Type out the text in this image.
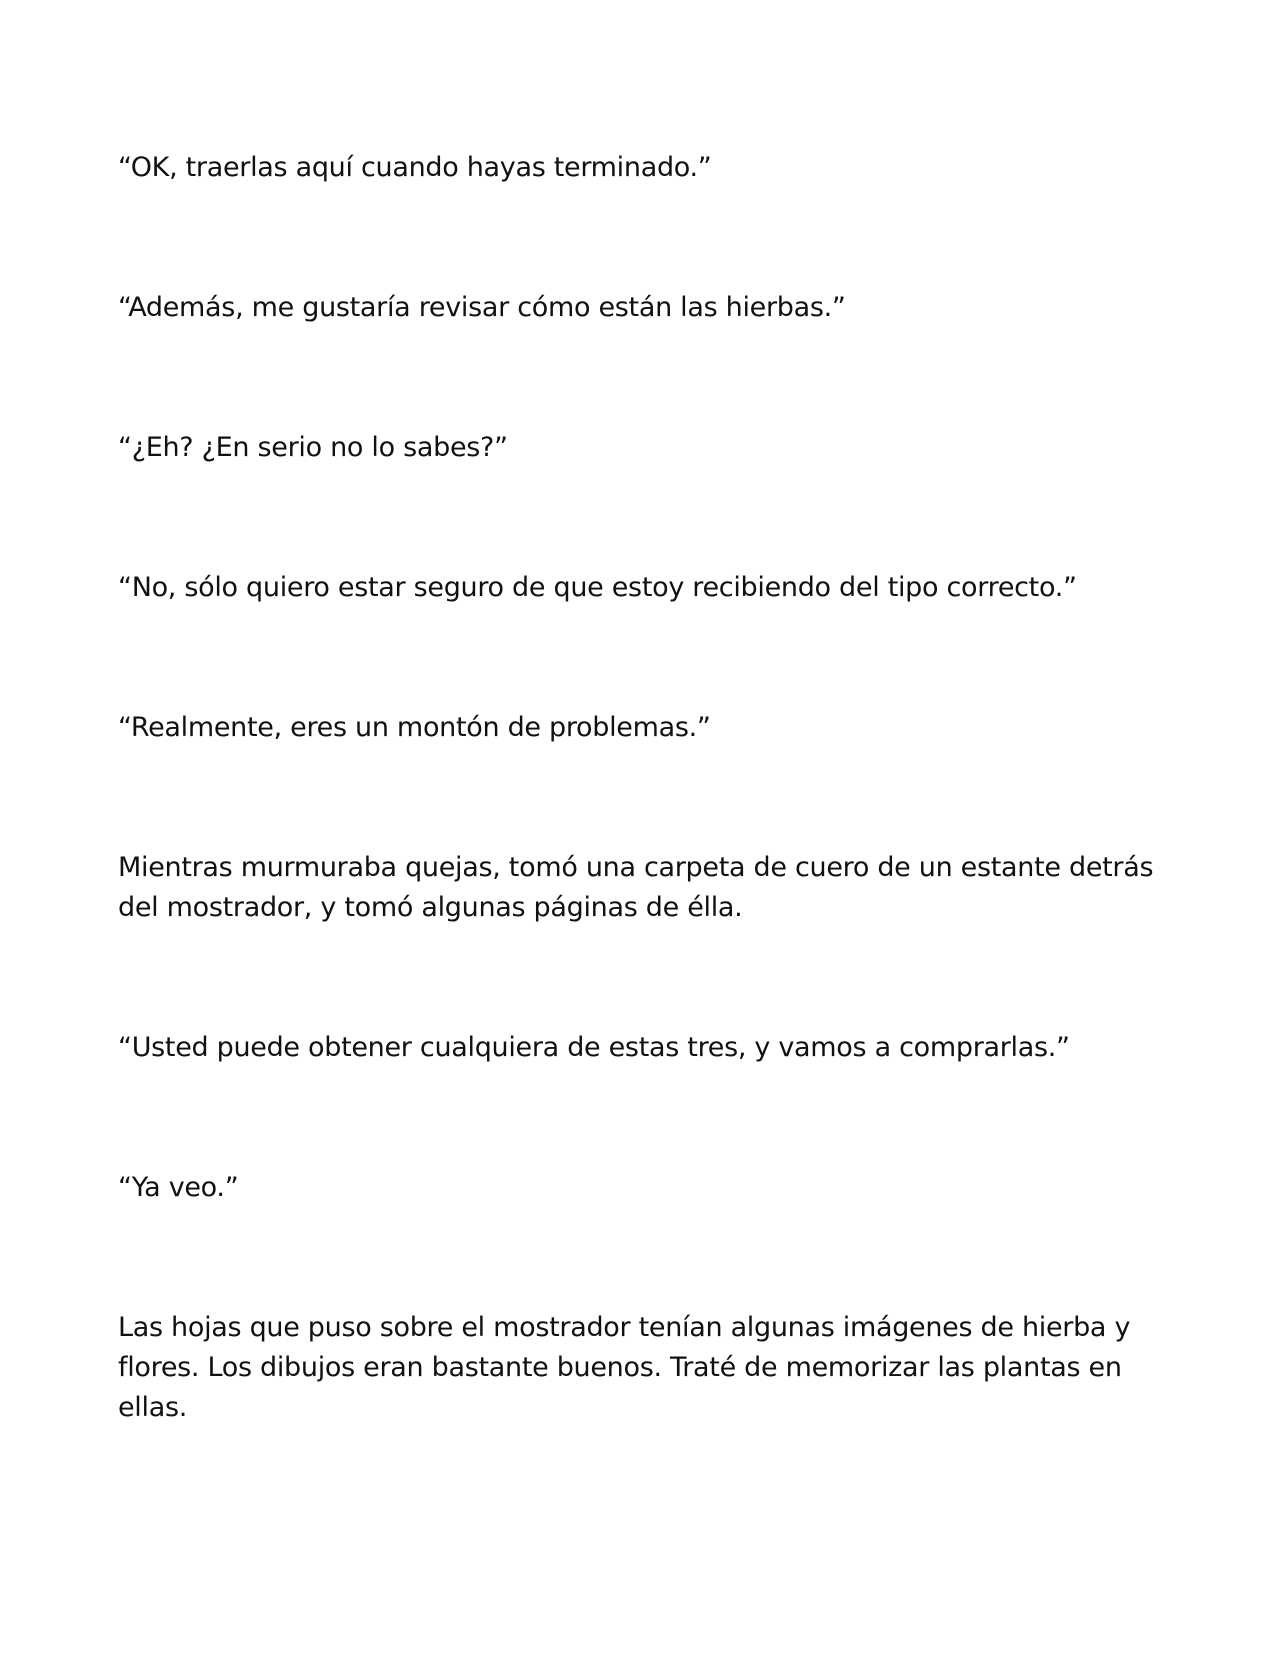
“OK, traerlas aquí cuando hayas terminado.”

“Además, me gustaría revisar cómo están las hierbas.”

“¿Eh? ¿En serio no lo sabes?”

“No, sólo quiero estar seguro de que estoy recibiendo del tipo correcto.”

“Realmente, eres un montón de problemas.”

Mientras murmuraba quejas, tomó una carpeta de cuero de un estante detrás del mostrador, y tomó algunas páginas de élla.

“Usted puede obtener cualquiera de estas tres, y vamos a comprarlas.”

“Ya veo.”

Las hojas que puso sobre el mostrador tenían algunas imágenes de hierba y flores. Los dibujos eran bastante buenos. Traté de memorizar las plantas en ellas.
